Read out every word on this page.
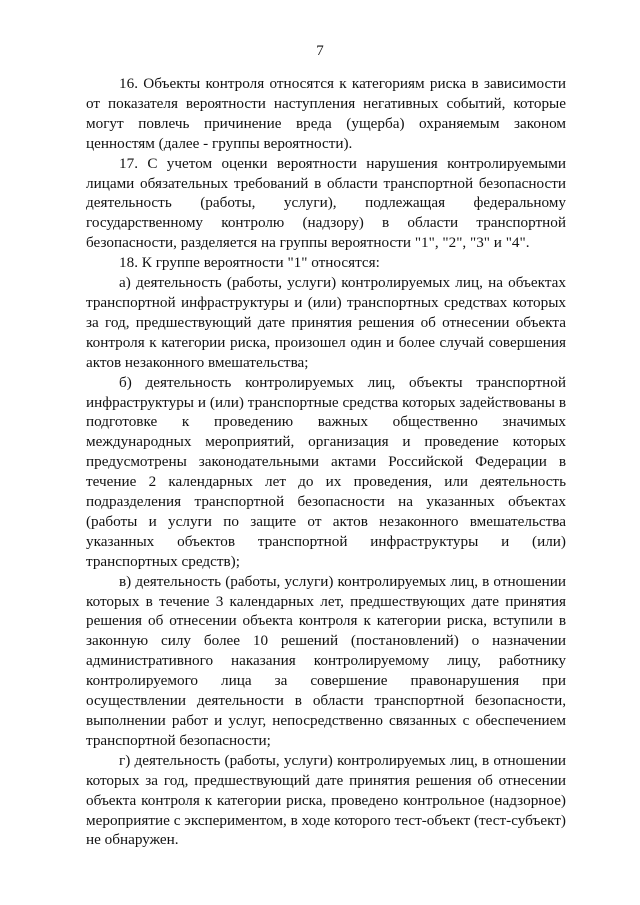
7

16. Объекты контроля относятся к категориям риска в зависимости от показателя вероятности наступления негативных событий, которые могут повлечь причинение вреда (ущерба) охраняемым законом ценностям (далее - группы вероятности).

17. С учетом оценки вероятности нарушения контролируемыми лицами обязательных требований в области транспортной безопасности деятельность (работы, услуги), подлежащая федеральному государственному контролю (надзору) в области транспортной безопасности, разделяется на группы вероятности "1", "2", "3" и "4".

18. К группе вероятности "1" относятся:

а) деятельность (работы, услуги) контролируемых лиц, на объектах транспортной инфраструктуры и (или) транспортных средствах которых за год, предшествующий дате принятия решения об отнесении объекта контроля к категории риска, произошел один и более случай совершения актов незаконного вмешательства;

б) деятельность контролируемых лиц, объекты транспортной инфраструктуры и (или) транспортные средства которых задействованы в подготовке к проведению важных общественно значимых международных мероприятий, организация и проведение которых предусмотрены законодательными актами Российской Федерации в течение 2 календарных лет до их проведения, или деятельность подразделения транспортной безопасности на указанных объектах (работы и услуги по защите от актов незаконного вмешательства указанных объектов транспортной инфраструктуры и (или) транспортных средств);

в) деятельность (работы, услуги) контролируемых лиц, в отношении которых в течение 3 календарных лет, предшествующих дате принятия решения об отнесении объекта контроля к категории риска, вступили в законную силу более 10 решений (постановлений) о назначении административного наказания контролируемому лицу, работнику контролируемого лица за совершение правонарушения при осуществлении деятельности в области транспортной безопасности, выполнении работ и услуг, непосредственно связанных с обеспечением транспортной безопасности;

г) деятельность (работы, услуги) контролируемых лиц, в отношении которых за год, предшествующий дате принятия решения об отнесении объекта контроля к категории риска, проведено контрольное (надзорное) мероприятие с экспериментом, в ходе которого тест-объект (тест-субъект) не обнаружен.
